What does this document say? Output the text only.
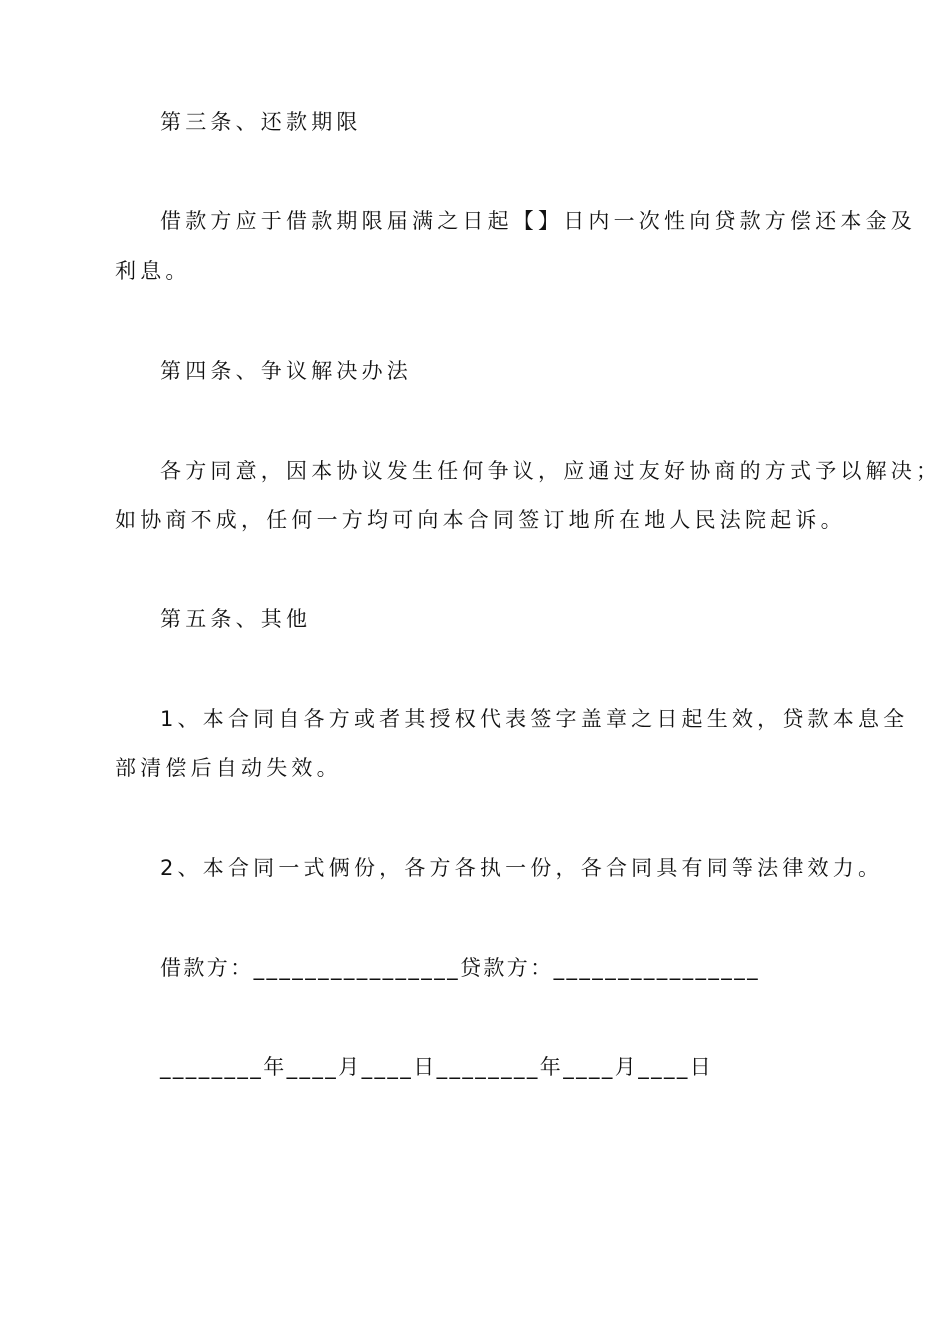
第三条、还款期限
借款方应于借款期限届满之日起【】日内一次性向贷款方偿还本金及
利息。
第四条、争议解决办法
各方同意，因本协议发生任何争议，应通过友好协商的方式予以解决；
如协商不成，任何一方均可向本合同签订地所在地人民法院起诉。
第五条、其他
1、本合同自各方或者其授权代表签字盖章之日起生效，贷款本息全
部清偿后自动失效。
2、本合同一式俩份，各方各执一份，各合同具有同等法律效力。
借款方：________________贷款方：________________
________年____月____日________年____月____日
